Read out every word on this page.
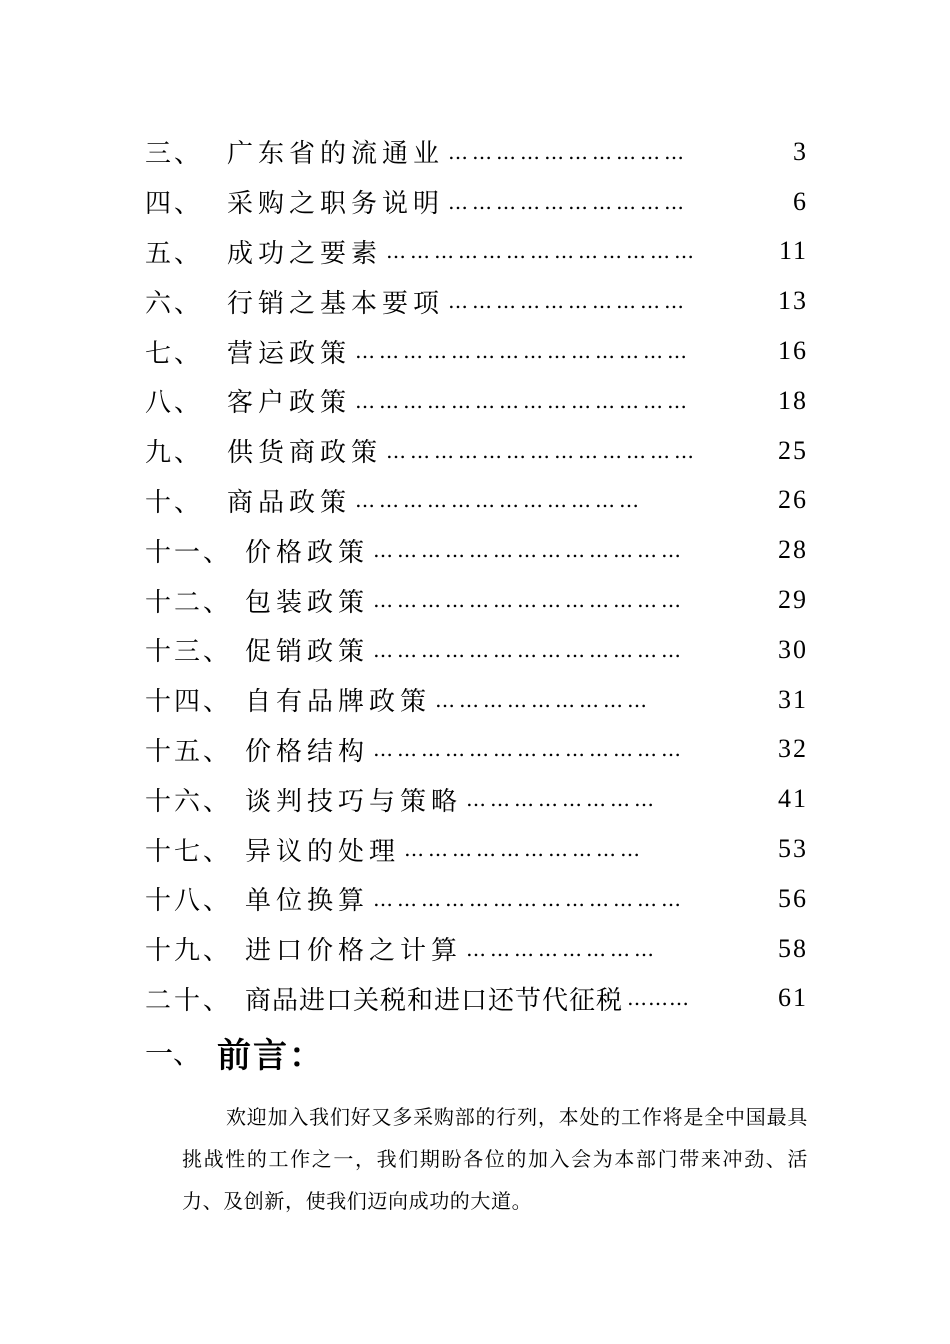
三、 广东省的流通业 …………………………	3
四、 采购之职务说明 …………………………	6
五、 成功之要素 …………………………………	11
六、 行销之基本要项 …………………………	13
七、 营运政策 ……………………………………	16
八、 客户政策 ……………………………………	18
九、 供货商政策 …………………………………	25
十、 商品政策 ………………………………	26
十一、 价格政策 …………………………………	28
十二、 包装政策 …………………………………	29
十三、 促销政策 …………………………………	30
十四、 自有品牌政策 ………………………	31
十五、 价格结构 …………………………………	32
十六、 谈判技巧与策略 ……………………	41
十七、 异议的处理 …………………………	53
十八、 单位换算 …………………………………	56
十九、 进口价格之计算 ……………………	58
二十、 商品进口关税和进口还节代征税 ………	61
一、 前言：

欢迎加入我们好又多采购部的行列，本处的工作将是全中国最具挑战性的工作之一，我们期盼各位的加入会为本部门带来冲劲、活力、及创新，使我们迈向成功的大道。
